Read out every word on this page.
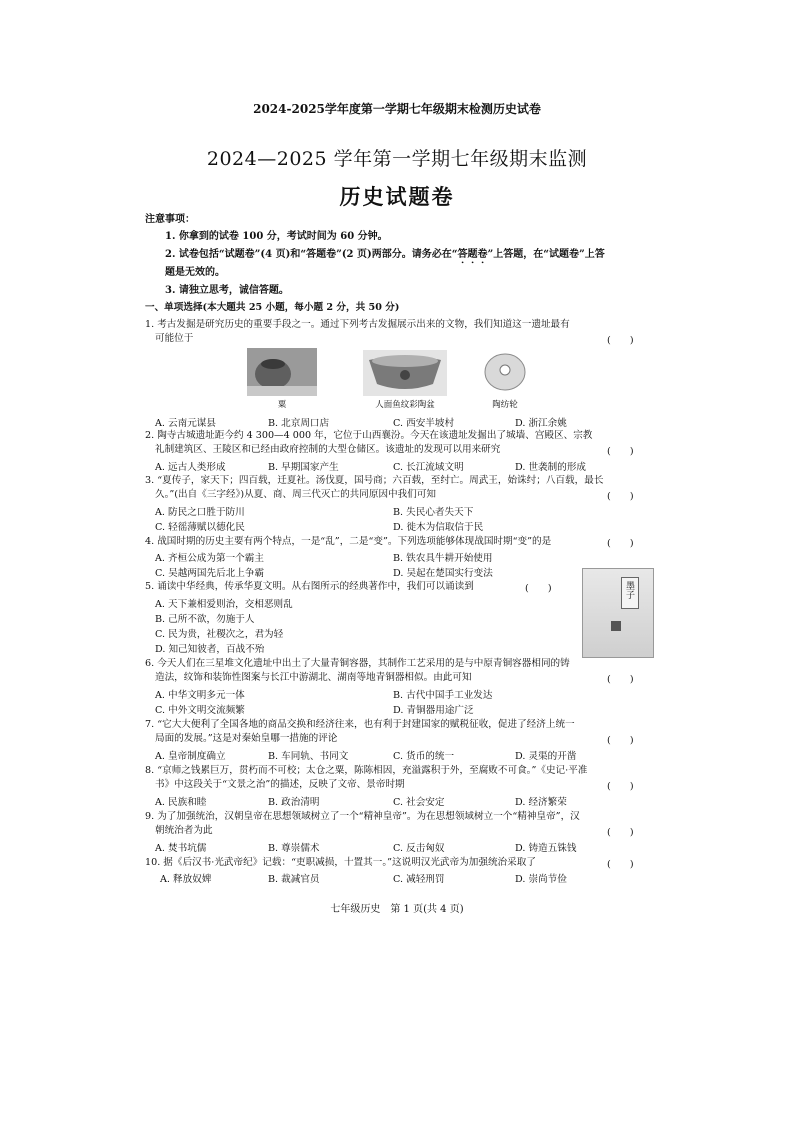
2024-2025学年度第一学期七年级期末检测历史试卷
2024—2025 学年第一学期七年级期末监测
历史试题卷
注意事项：
1. 你拿到的试卷 100 分，考试时间为 60 分钟。
2. 试卷包括“试题卷”(4 页)和“答题卷”(2 页)两部分。请务必在“答题卷”上答题，在“试题卷”上答
题是无效的。
3. 请独立思考，诚信答题。
一、单项选择(本大题共 25 小题，每小题 2 分，共 50 分)
1. 考古发掘是研究历史的重要手段之一。通过下列考古发掘展示出来的文物，我们知道这一遗址最有
可能位于	(　　)
粟	人面鱼纹彩陶盆	陶纺轮
A. 云南元谋县	B. 北京周口店	C. 西安半坡村	D. 浙江余姚
2. 陶寺古城遗址距今约 4 300—4 000 年，它位于山西襄汾。今天在该遗址发掘出了城墙、宫殿区、宗教
礼制建筑区、王陵区和已经由政府控制的大型仓储区。该遗址的发现可以用来研究	(　　)
A. 远古人类形成	B. 早期国家产生	C. 长江流域文明	D. 世袭制的形成
3. “夏传子，家天下；四百载，迁夏社。汤伐夏，国号商；六百载，至纣亡。周武王，始诛纣；八百载，最长
久。”(出自《三字经》)从夏、商、周三代灭亡的共同原因中我们可知	(　　)
A. 防民之口胜于防川	B. 失民心者失天下
C. 轻徭薄赋以德化民	D. 徙木为信取信于民
4. 战国时期的历史主要有两个特点，一是“乱”，二是“变”。下列选项能够体现战国时期“变”的是	(　　)
A. 齐桓公成为第一个霸主	B. 铁农具牛耕开始使用
C. 吴越两国先后北上争霸	D. 吴起在楚国实行变法
5. 诵读中华经典，传承华夏文明。从右图所示的经典著作中，我们可以诵读到	(　　)	墨子
A. 天下兼相爱则治，交相恶则乱
B. 己所不欲，勿施于人
C. 民为贵，社稷次之，君为轻
D. 知己知彼者，百战不殆
6. 今天人们在三星堆文化遗址中出土了大量青铜容器，其制作工艺采用的是与中原青铜容器相同的铸
造法，纹饰和装饰性图案与长江中游湖北、湖南等地青铜器相似。由此可知	(　　)
A. 中华文明多元一体	B. 古代中国手工业发达
C. 中外文明交流频繁	D. 青铜器用途广泛
7. “它大大便利了全国各地的商品交换和经济往来，也有利于封建国家的赋税征收，促进了经济上统一
局面的发展。”这是对秦始皇哪一措施的评论	(　　)
A. 皇帝制度确立	B. 车同轨、书同文	C. 货币的统一	D. 灵渠的开凿
8. “京师之钱累巨万，贯朽而不可校；太仓之粟，陈陈相因，充溢露积于外，至腐败不可食。”《史记·平准
书》中这段关于“文景之治”的描述，反映了文帝、景帝时期	(　　)
A. 民族和睦	B. 政治清明	C. 社会安定	D. 经济繁荣
9. 为了加强统治，汉朝皇帝在思想领域树立了一个“精神皇帝”。为在思想领域树立一个“精神皇帝”，汉
朝统治者为此	(　　)
A. 焚书坑儒	B. 尊崇儒术	C. 反击匈奴	D. 铸造五铢钱
10. 据《后汉书·光武帝纪》记载：“吏职减损，十置其一。”这说明汉光武帝为加强统治采取了	(　　)
A. 释放奴婢	B. 裁减官员	C. 减轻刑罚	D. 崇尚节俭
七年级历史　第 1 页(共 4 页)
